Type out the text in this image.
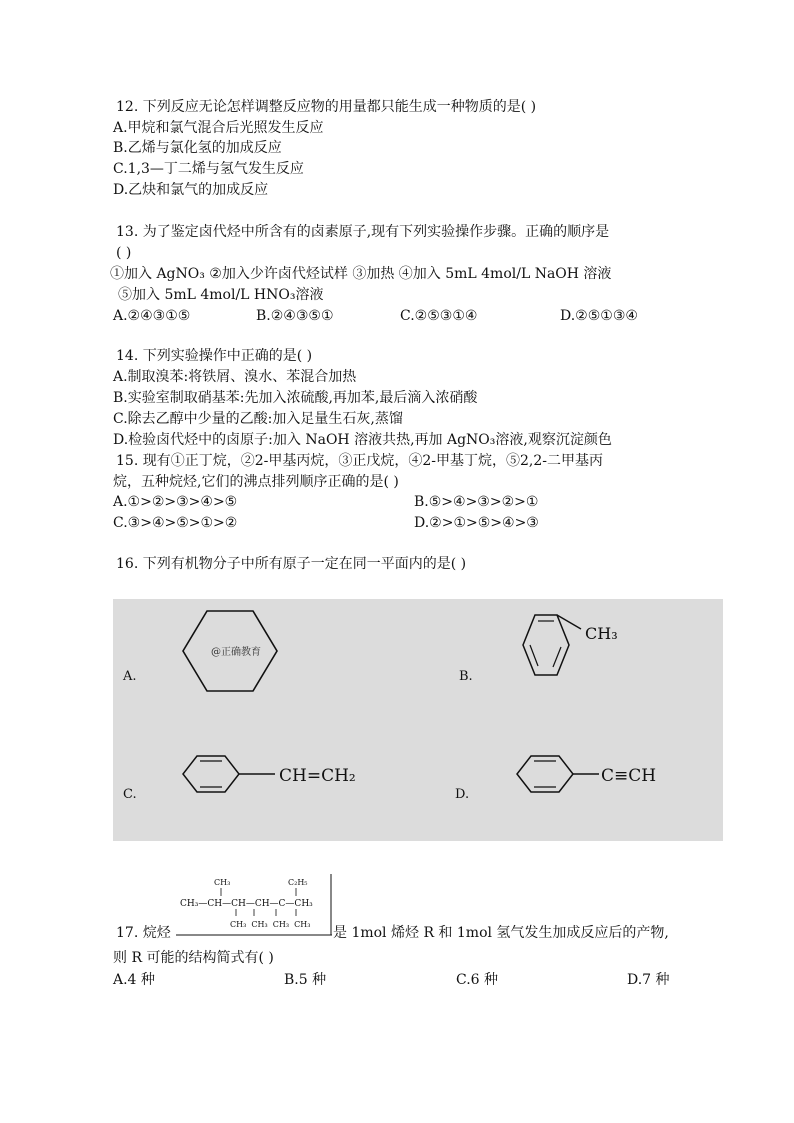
12. 下列反应无论怎样调整反应物的用量都只能生成一种物质的是( )
A.甲烷和氯气混合后光照发生反应
B.乙烯与氯化氢的加成反应
C.1,3—丁二烯与氢气发生反应
D.乙炔和氯气的加成反应
13. 为了鉴定卤代烃中所含有的卤素原子,现有下列实验操作步骤。正确的顺序是
( )
①加入 AgNO₃ ②加入少许卤代烃试样 ③加热 ④加入 5mL 4mol/L NaOH 溶液
⑤加入 5mL 4mol/L HNO₃溶液
A.②④③①⑤	B.②④③⑤①	C.②⑤③①④	D.②⑤①③④
14. 下列实验操作中正确的是( )
A.制取溴苯:将铁屑、溴水、苯混合加热
B.实验室制取硝基苯:先加入浓硫酸,再加苯,最后滴入浓硝酸
C.除去乙醇中少量的乙酸:加入足量生石灰,蒸馏
D.检验卤代烃中的卤原子:加入 NaOH 溶液共热,再加 AgNO₃溶液,观察沉淀颜色
15. 现有①正丁烷，②2-甲基丙烷，③正戊烷，④2-甲基丁烷，⑤2,2-二甲基丙
烷，五种烷烃,它们的沸点排列顺序正确的是( )
A.①>②>③>④>⑤	B.⑤>④>③>②>①
C.③>④>⑤>①>②	D.②>①>⑤>④>③
16. 下列有机物分子中所有原子一定在同一平面内的是( )
A.	B.
C.	D.
@正确教育
CH₃
CH=CH₂	C≡CH
CH₃	C₂H₅
CH₃—CH—CH—CH—C—CH₃
CH₃  CH₃  CH₃  CH₃
17. 烷烃	是 1mol 烯烃 R 和 1mol 氢气发生加成反应后的产物,
则 R 可能的结构简式有( )
A.4 种	B.5 种	C.6 种	D.7 种
